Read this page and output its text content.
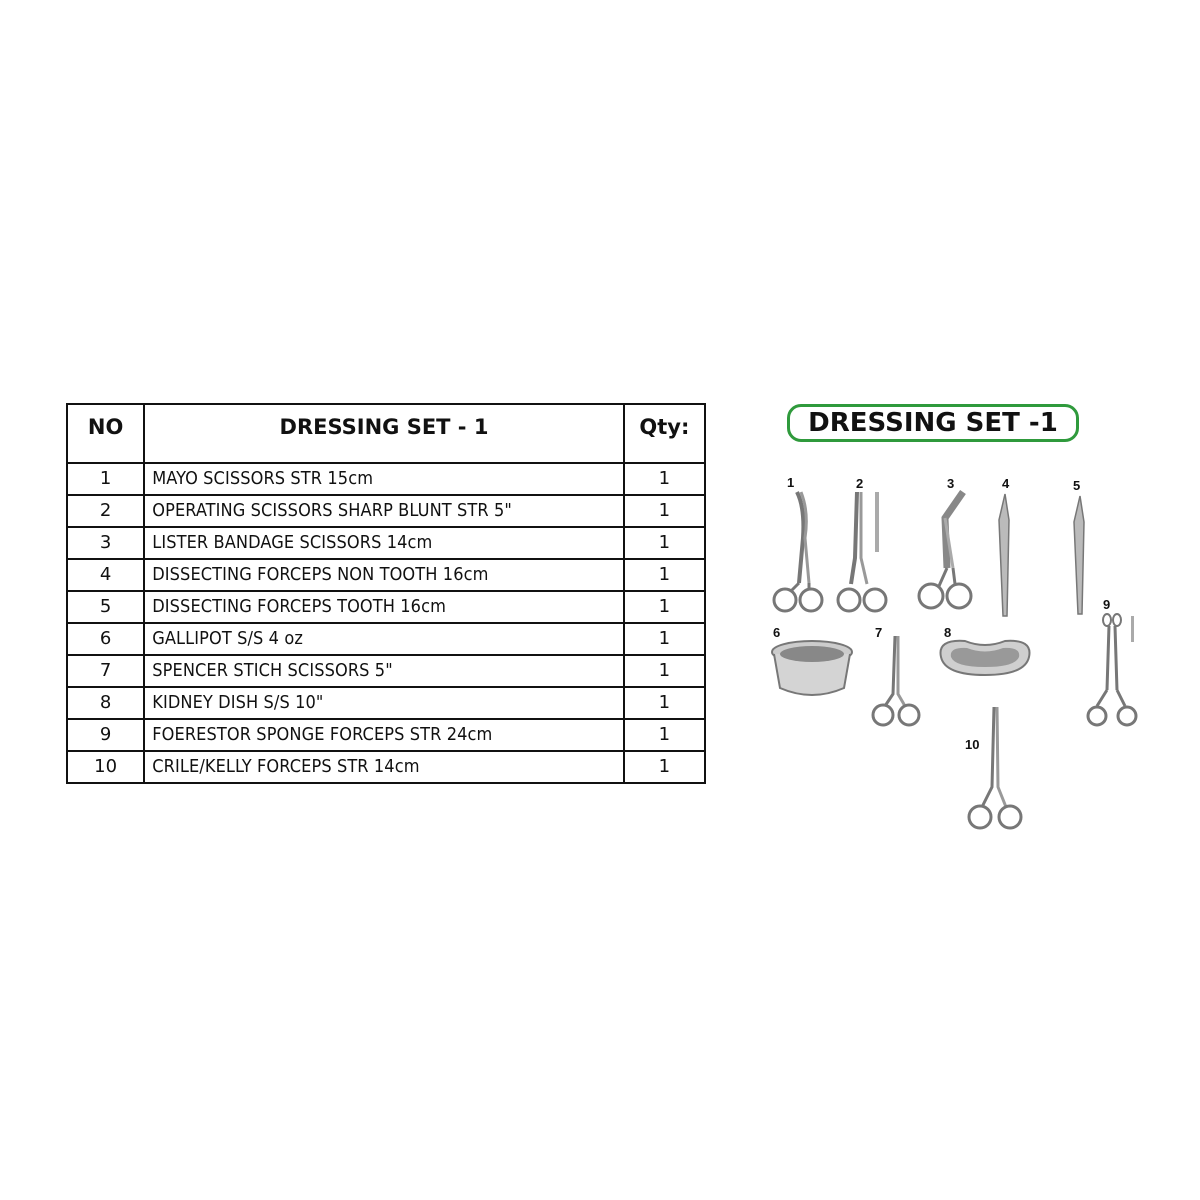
NO	DRESSING SET - 1	Qty:
1	MAYO SCISSORS STR 15cm	1
2	OPERATING SCISSORS SHARP BLUNT STR 5"	1
3	LISTER BANDAGE SCISSORS 14cm	1
4	DISSECTING FORCEPS NON TOOTH 16cm	1
5	DISSECTING FORCEPS TOOTH 16cm	1
6	GALLIPOT S/S 4 oz	1
7	SPENCER STICH SCISSORS 5"	1
8	KIDNEY DISH S/S 10"	1
9	FOERESTOR SPONGE FORCEPS STR 24cm	1
10	CRILE/KELLY FORCEPS STR 14cm	1
DRESSING SET -1
1	2	3	4	5
6	7	8
9
10
